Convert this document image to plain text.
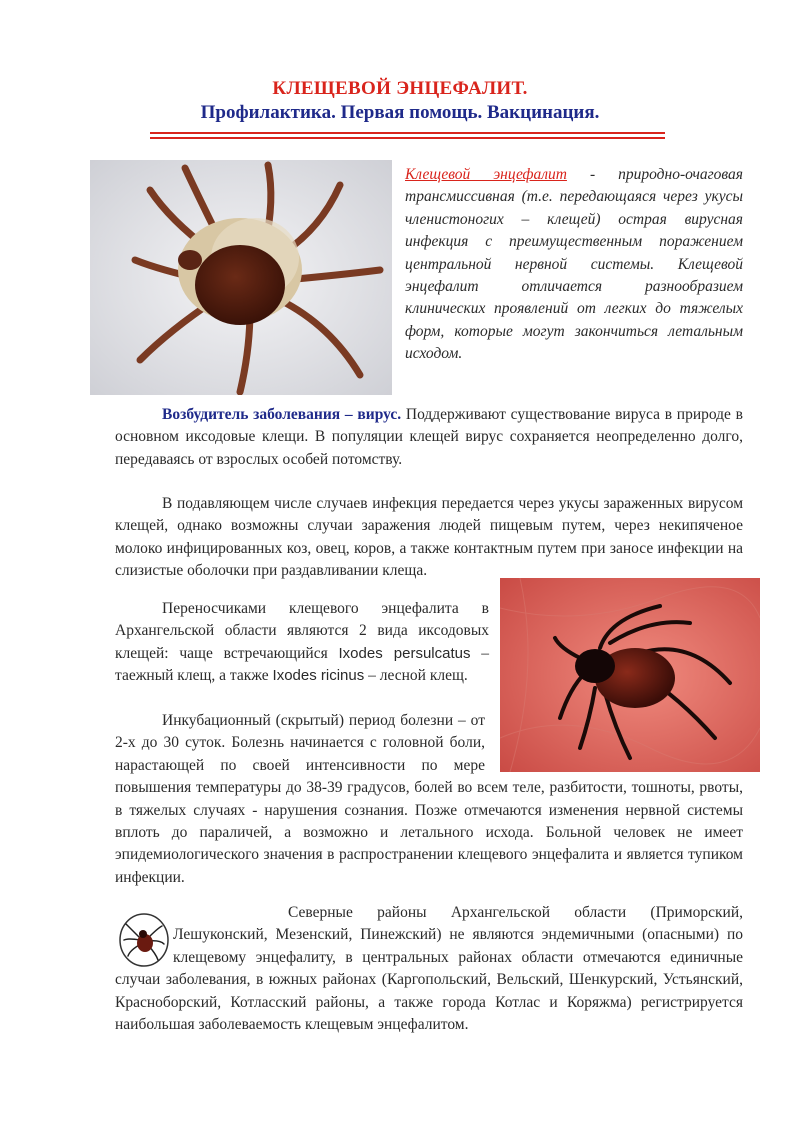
КЛЕЩЕВОЙ ЭНЦЕФАЛИТ.
Профилактика. Первая помощь. Вакцинация.

Клещевой энцефалит - природно-очаговая трансмиссивная (т.е. передающаяся через укусы членистоногих – клещей) острая вирусная инфекция с преимущественным поражением центральной нервной системы. Клещевой энцефалит отличается разнообразием клинических проявлений от легких до тяжелых форм, которые могут закончиться летальным исходом.

Возбудитель заболевания – вирус. Поддерживают существование вируса в природе в основном иксодовые клещи. В популяции клещей вирус сохраняется неопределенно долго, передаваясь от взрослых особей потомству.

В подавляющем числе случаев инфекция передается через укусы зараженных вирусом клещей, однако возможны случаи заражения людей пищевым путем, через некипяченое молоко инфицированных коз, овец, коров, а также контактным путем при заносе инфекции на слизистые оболочки при раздавливании клеща.

Переносчиками клещевого энцефалита в Архангельской области являются 2 вида иксодовых клещей: чаще встречающийся Ixodes persulcatus – таежный клещ, а также Ixodes ricinus – лесной клещ.

Инкубационный (скрытый) период болезни – от 2-х до 30 суток. Болезнь начинается с головной боли, нарастающей по своей интенсивности по мере повышения температуры до 38-39 градусов, болей во всем теле, разбитости, тошноты, рвоты, в тяжелых случаях - нарушения сознания. Позже отмечаются изменения нервной системы вплоть до параличей, а возможно и летального исхода. Больной человек не имеет эпидемиологического значения в распространении клещевого энцефалита и является тупиком инфекции.

Северные районы Архангельской области (Приморский, Лешуконский, Мезенский, Пинежский) не являются эндемичными (опасными) по клещевому энцефалиту, в центральных районах области отмечаются единичные случаи заболевания, в южных районах (Каргопольский, Вельский, Шенкурский, Устьянский, Красноборский, Котласский районы, а также города Котлас и Коряжма) регистрируется наибольшая заболеваемость клещевым энцефалитом.
